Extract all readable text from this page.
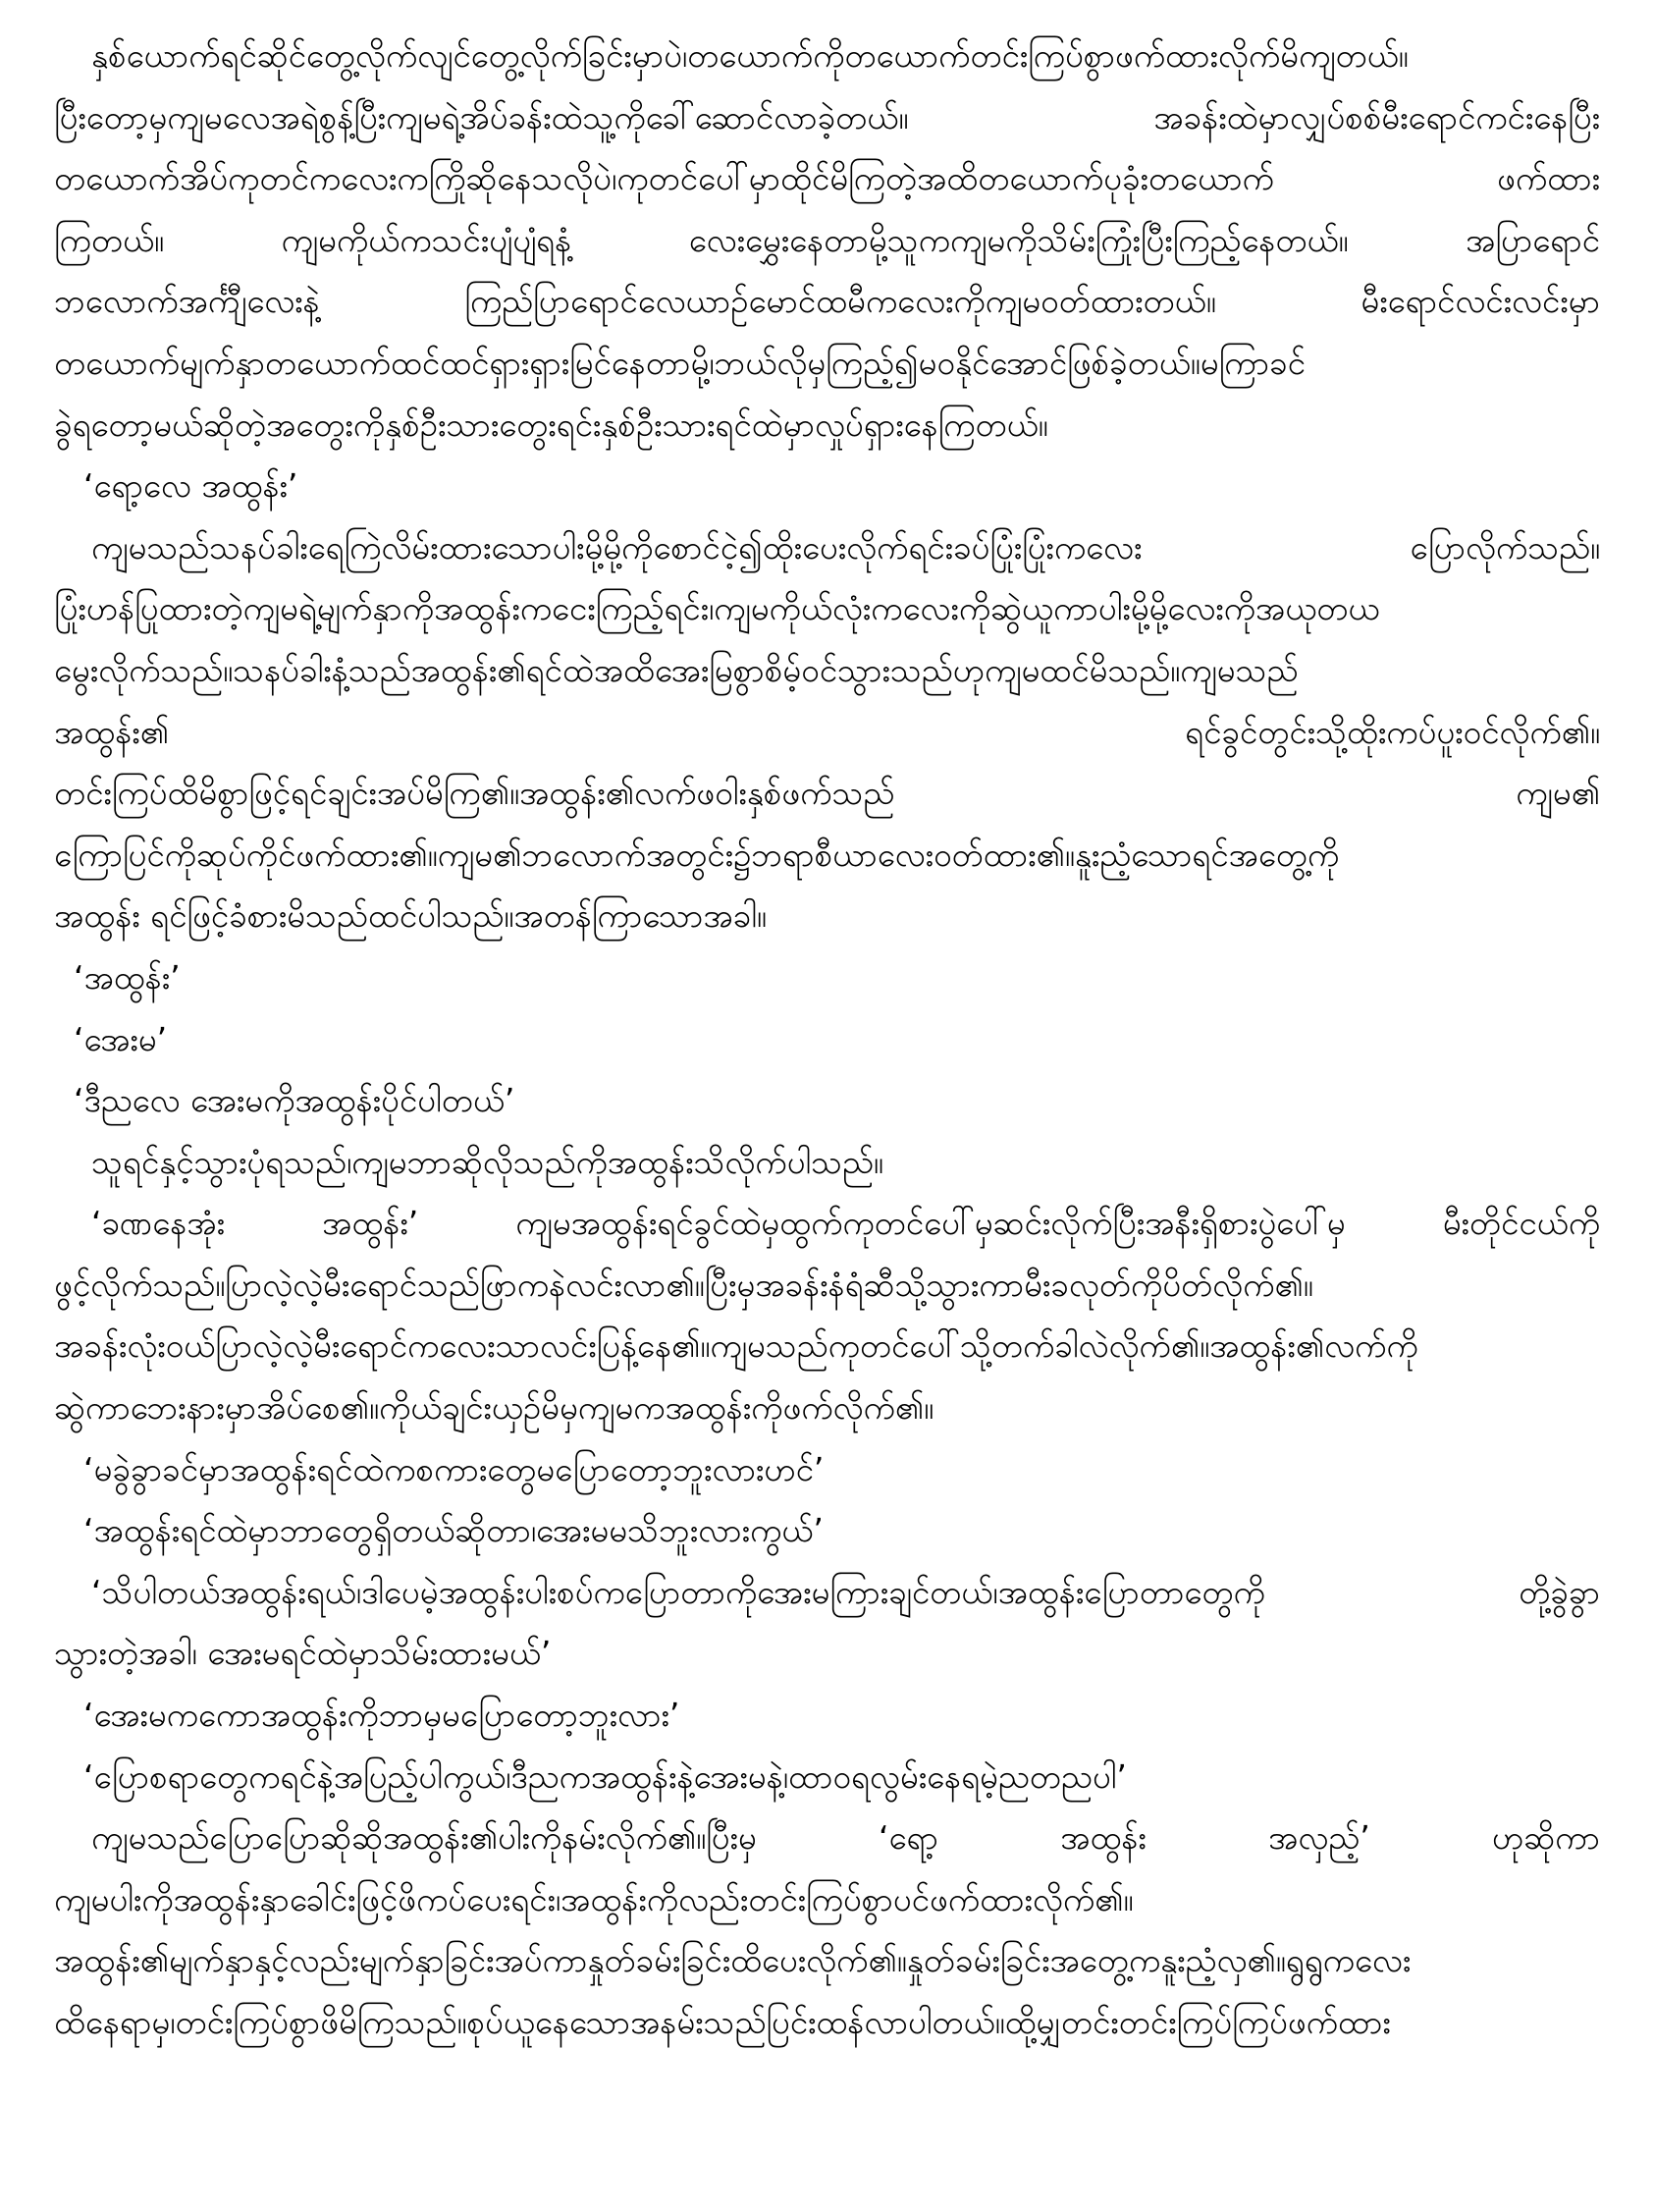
နှစ်ယောက်ရင်ဆိုင်တွေ့လိုက်လျင်တွေ့လိုက်ခြင်းမှာပဲ၊တယောက်ကိုတယောက်တင်းကြပ်စွာဖက်ထားလိုက်မိကျတယ်။
ပြီးတော့မှကျမလေအရဲစွန့်ပြီးကျမရဲ့အိပ်ခန်းထဲသူ့ကိုခေါ်ဆောင်လာခဲ့တယ်။ အခန်းထဲမှာလျှပ်စစ်မီးရောင်ကင်းနေပြီး
တယောက်အိပ်ကုတင်ကလေးကကြိုဆိုနေသလိုပဲ၊ကုတင်ပေါ်မှာထိုင်မိကြတဲ့အထိတယောက်ပုခုံးတယောက် ဖက်ထား
ကြတယ်။ ကျမကိုယ်ကသင်းပျံပျံရနံ့ လေးမွှေးနေတာမို့သူကကျမကိုသိမ်းကြုံးပြီးကြည့်နေတယ်။ အပြာရောင်
ဘလောက်အင်္ကျီလေးနဲ့ ကြည်ပြာရောင်လေယာဉ်မောင်ထမီကလေးကိုကျမဝတ်ထားတယ်။ မီးရောင်လင်းလင်းမှာ
တယောက်မျက်နှာတယောက်ထင်ထင်ရှားရှားမြင်နေတာမို့၊ဘယ်လိုမှကြည့်၍မဝနိုင်အောင်ဖြစ်ခဲ့တယ်။မကြာခင်
ခွဲရတော့မယ်ဆိုတဲ့အတွေးကိုနှစ်ဦးသားတွေးရင်းနှစ်ဦးသားရင်ထဲမှာလှုပ်ရှားနေကြတယ်။
‘ရော့လေ အထွန်း’
ကျမသည်သနပ်ခါးရေကြဲလိမ်းထားသောပါးမို့မို့ကိုစောင်ငဲ့၍ထိုးပေးလိုက်ရင်းခပ်ပြုံးပြုံးကလေး ပြောလိုက်သည်။
ပြုံးဟန်ပြုထားတဲ့ကျမရဲ့မျက်နှာကိုအထွန်းကငေးကြည့်ရင်း၊ကျမကိုယ်လုံးကလေးကိုဆွဲယူကာပါးမို့မို့လေးကိုအယုတယ
မွေးလိုက်သည်။သနပ်ခါးနံ့သည်အထွန်း၏ရင်ထဲအထိအေးမြစွာစိမ့်ဝင်သွားသည်ဟုကျမထင်မိသည်။ကျမသည်
အထွန်း၏ ရင်ခွင်တွင်းသို့ထိုးကပ်ပူးဝင်လိုက်၏။
တင်းကြပ်ထိမိစွာဖြင့်ရင်ချင်းအပ်မိကြ၏။အထွန်း၏လက်ဖဝါးနှစ်ဖက်သည် ကျမ၏
ကြောပြင်ကိုဆုပ်ကိုင်ဖက်ထား၏။ကျမ၏ဘလောက်အတွင်း၌ဘရာစီယာလေးဝတ်ထား၏။နူးညံ့သောရင်အတွေ့ကို
အထွန်း ရင်ဖြင့်ခံစားမိသည်ထင်ပါသည်။အတန်ကြာသောအခါ။
‘အထွန်း’
‘အေးမ’
‘ဒီညလေ အေးမကိုအထွန်းပိုင်ပါတယ်’
သူရင်နှင့်သွားပုံရသည်၊ကျမဘာဆိုလိုသည်ကိုအထွန်းသိလိုက်ပါသည်။
‘ခဏနေအုံး အထွန်း’ ကျမအထွန်းရင်ခွင်ထဲမှထွက်ကုတင်ပေါ်မှဆင်းလိုက်ပြီးအနီးရှိစားပွဲပေါ်မှ မီးတိုင်ငယ်ကို
ဖွင့်လိုက်သည်။ပြာလဲ့လဲ့မီးရောင်သည်ဖြာကနဲလင်းလာ၏။ပြီးမှအခန်းနံရံဆီသို့သွားကာမီးခလုတ်ကိုပိတ်လိုက်၏။
အခန်းလုံးဝယ်ပြာလဲ့လဲ့မီးရောင်ကလေးသာလင်းပြန့်နေ၏။ကျမသည်ကုတင်ပေါ်သို့တက်ခါလဲလိုက်၏။အထွန်း၏လက်ကို
ဆွဲကာဘေးနားမှာအိပ်စေ၏။ကိုယ်ချင်းယှဉ်မိမှကျမကအထွန်းကိုဖက်လိုက်၏။
‘မခွဲခွာခင်မှာအထွန်းရင်ထဲကစကားတွေမပြောတော့ဘူးလားဟင်’
‘အထွန်းရင်ထဲမှာဘာတွေရှိတယ်ဆိုတာ၊အေးမမသိဘူးလားကွယ်’
‘သိပါတယ်အထွန်းရယ်၊ဒါပေမဲ့အထွန်းပါးစပ်ကပြောတာကိုအေးမကြားချင်တယ်၊အထွန်းပြောတာတွေကို တို့ခွဲခွာ
သွားတဲ့အခါ၊ အေးမရင်ထဲမှာသိမ်းထားမယ်’
‘အေးမကကောအထွန်းကိုဘာမှမပြောတော့ဘူးလား’
‘ပြောစရာတွေကရင်နဲ့အပြည့်ပါကွယ်၊ဒီညကအထွန်းနဲ့အေးမနဲ့၊ထာဝရလွမ်းနေရမဲ့ညတညပါ’
ကျမသည်ပြောပြောဆိုဆိုအထွန်း၏ပါးကိုနမ်းလိုက်၏။ပြီးမှ ‘ရော့ အထွန်း အလှည့်’ ဟုဆိုကာ
ကျမပါးကိုအထွန်းနှာခေါင်းဖြင့်ဖိကပ်ပေးရင်း၊အထွန်းကိုလည်းတင်းကြပ်စွာပင်ဖက်ထားလိုက်၏။
အထွန်း၏မျက်နှာနှင့်လည်းမျက်နှာခြင်းအပ်ကာနှုတ်ခမ်းခြင်းထိပေးလိုက်၏။နှုတ်ခမ်းခြင်းအတွေ့ကနူးညံ့လှ၏။ရွရွကလေး
ထိနေရာမှ၊တင်းကြပ်စွာဖိမိကြသည်။စုပ်ယူနေသောအနမ်းသည်ပြင်းထန်လာပါတယ်။ထို့မျှတင်းတင်းကြပ်ကြပ်ဖက်ထား
